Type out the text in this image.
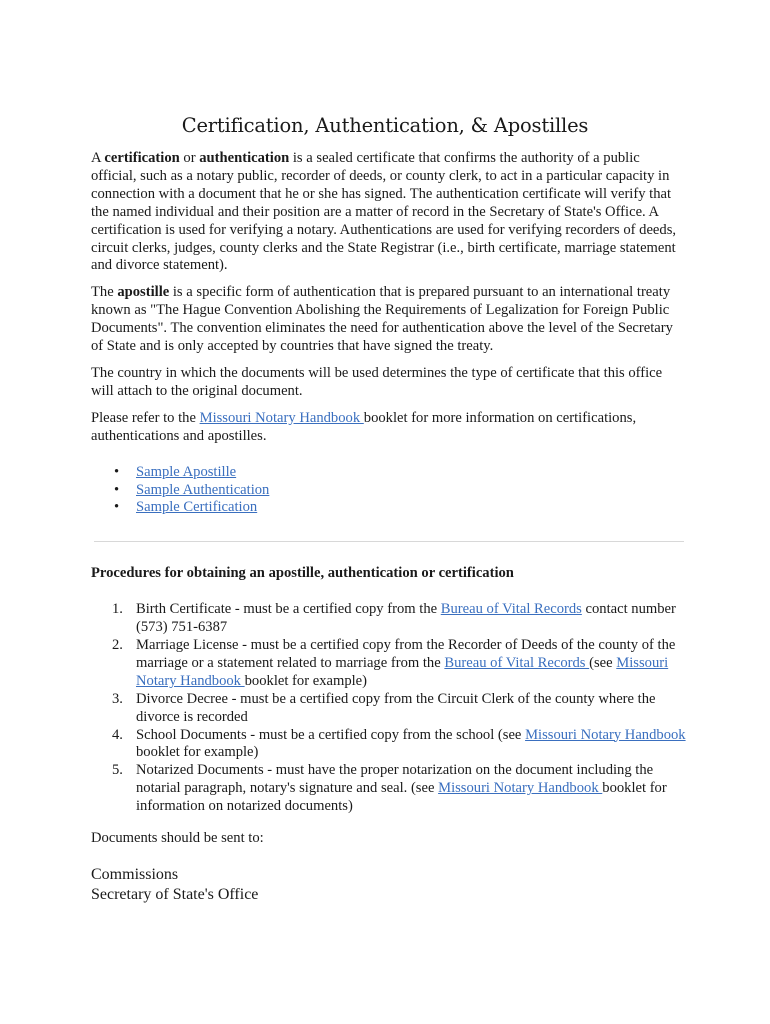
Certification, Authentication, & Apostilles

A certification or authentication is a sealed certificate that confirms the authority of a public official, such as a notary public, recorder of deeds, or county clerk, to act in a particular capacity in connection with a document that he or she has signed. The authentication certificate will verify that the named individual and their position are a matter of record in the Secretary of State's Office. A certification is used for verifying a notary. Authentications are used for verifying recorders of deeds, circuit clerks, judges, county clerks and the State Registrar (i.e., birth certificate, marriage statement and divorce statement).

The apostille is a specific form of authentication that is prepared pursuant to an international treaty known as "The Hague Convention Abolishing the Requirements of Legalization for Foreign Public Documents". The convention eliminates the need for authentication above the level of the Secretary of State and is only accepted by countries that have signed the treaty.

The country in which the documents will be used determines the type of certificate that this office will attach to the original document.

Please refer to the Missouri Notary Handbook booklet for more information on certifications, authentications and apostilles.

• Sample Apostille
• Sample Authentication
• Sample Certification
Procedures for obtaining an apostille, authentication or certification
1. Birth Certificate - must be a certified copy from the Bureau of Vital Records contact number (573) 751-6387
2. Marriage License - must be a certified copy from the Recorder of Deeds of the county of the marriage or a statement related to marriage from the Bureau of Vital Records (see Missouri Notary Handbook booklet for example)
3. Divorce Decree - must be a certified copy from the Circuit Clerk of the county where the divorce is recorded
4. School Documents - must be a certified copy from the school (see Missouri Notary Handbook booklet for example)
5. Notarized Documents - must have the proper notarization on the document including the notarial paragraph, notary's signature and seal. (see Missouri Notary Handbook booklet for information on notarized documents)

Documents should be sent to:

Commissions
Secretary of State's Office
